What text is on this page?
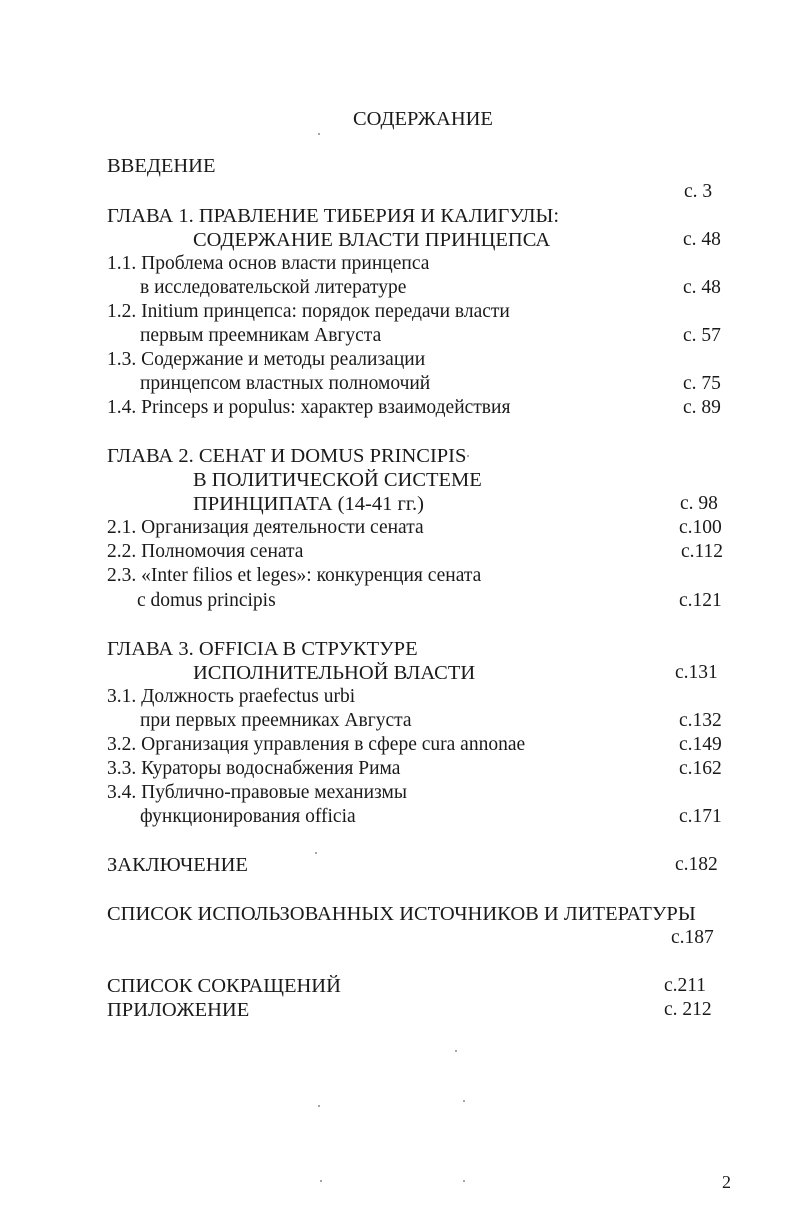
СОДЕРЖАНИЕ
ВВЕДЕНИЕ
с. 3
ГЛАВА 1. ПРАВЛЕНИЕ ТИБЕРИЯ И КАЛИГУЛЫ:
СОДЕРЖАНИЕ ВЛАСТИ ПРИНЦЕПСА	с. 48
1.1. Проблема основ власти принцепса
в исследовательской литературе	с. 48
1.2. Initium принцепса: порядок передачи власти
первым преемникам Августа	с. 57
1.3. Содержание и методы реализации
принцепсом властных полномочий	с. 75
1.4. Princeps и populus: характер взаимодействия	с. 89
ГЛАВА 2. СЕНАТ И DOMUS PRINCIPIS
В ПОЛИТИЧЕСКОЙ СИСТЕМЕ
ПРИНЦИПАТА (14-41 гг.)	с. 98
2.1. Организация деятельности сената	с.100
2.2. Полномочия сената	с.112
2.3. «Inter filios et leges»: конкуренция сената
с domus principis	с.121
ГЛАВА 3. OFFICIA В СТРУКТУРЕ
ИСПОЛНИТЕЛЬНОЙ ВЛАСТИ	с.131
3.1. Должность praefectus urbi
при первых преемниках Августа	с.132
3.2. Организация управления в сфере cura annonae	с.149
3.3. Кураторы водоснабжения Рима	с.162
3.4. Публично-правовые механизмы
функционирования officia	с.171
ЗАКЛЮЧЕНИЕ	с.182
СПИСОК ИСПОЛЬЗОВАННЫХ ИСТОЧНИКОВ И ЛИТЕРАТУРЫ
с.187
СПИСОК СОКРАЩЕНИЙ	с.211
ПРИЛОЖЕНИЕ	с. 212
2
